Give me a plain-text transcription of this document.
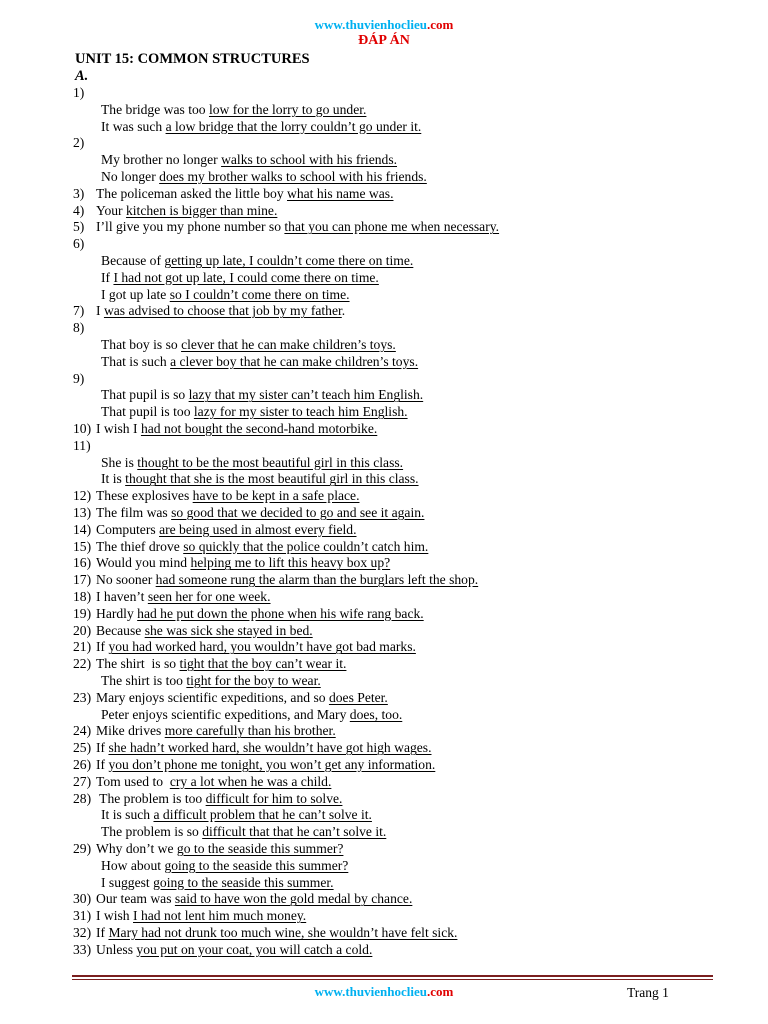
www.thuvienhoclieu.com
ĐÁP ÁN
UNIT 15: COMMON STRUCTURES
A.
1)
The bridge was too low for the lorry to go under.
It was such a low bridge that the lorry couldn’t go under it.
2)
My brother no longer walks to school with his friends.
No longer does my brother walks to school with his friends.
3) The policeman asked the little boy what his name was.
4) Your kitchen is bigger than mine.
5) I’ll give you my phone number so that you can phone me when necessary.
6)
Because of getting up late, I couldn’t come there on time.
If I had not got up late, I could come there on time.
I got up late so I couldn’t come there on time.
7) I was advised to choose that job by my father.
8)
That boy is so clever that he can make children’s toys.
That is such a clever boy that he can make children’s toys.
9)
That pupil is so lazy that my sister can’t teach him English.
That pupil is too lazy for my sister to teach him English.
10) I wish I had not bought the second-hand motorbike.
11)
She is thought to be the most beautiful girl in this class.
It is thought that she is the most beautiful girl in this class.
12) These explosives have to be kept in a safe place.
13) The film was so good that we decided to go and see it again.
14) Computers are being used in almost every field.
15) The thief drove so quickly that the police couldn’t catch him.
16) Would you mind helping me to lift this heavy box up?
17) No sooner had someone rung the alarm than the burglars left the shop.
18) I haven’t seen her for one week.
19) Hardly had he put down the phone when his wife rang back.
20) Because she was sick she stayed in bed.
21) If you had worked hard, you wouldn’t have got bad marks.
22) The shirt  is so tight that the boy can’t wear it.
The shirt is too tight for the boy to wear.
23) Mary enjoys scientific expeditions, and so does Peter.
Peter enjoys scientific expeditions, and Mary does, too.
24) Mike drives more carefully than his brother.
25) If she hadn’t worked hard, she wouldn’t have got high wages.
26) If you don’t phone me tonight, you won’t get any information.
27) Tom used to  cry a lot when he was a child.
28) The problem is too difficult for him to solve.
It is such a difficult problem that he can’t solve it.
The problem is so difficult that that he can’t solve it.
29) Why don’t we go to the seaside this summer?
How about going to the seaside this summer?
I suggest going to the seaside this summer.
30) Our team was said to have won the gold medal by chance.
31) I wish I had not lent him much money.
32) If Mary had not drunk too much wine, she wouldn’t have felt sick.
33) Unless you put on your coat, you will catch a cold.
www.thuvienhoclieu.com	Trang 1
